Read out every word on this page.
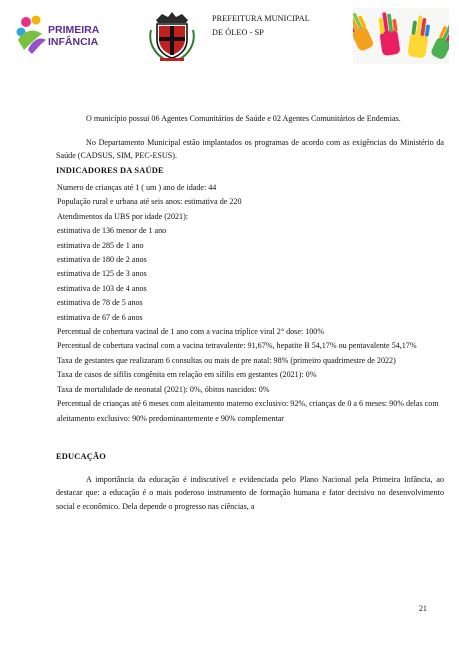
PRIMEIRA
INFÂNCIA
PREFEITURA MUNICIPAL
DE ÓLEO - SP

O município possui 06 Agentes Comunitários de Saúde e 02 Agentes Comunitários de Endemias.

No Departamento Municipal estão implantados os programas de acordo com as exigências do Ministério da Saúde (CADSUS, SIM, PEC-ESUS).

INDICADORES DA SAÚDE
Numero de crianças até 1 ( um ) ano de idade: 44
População rural e urbana até seis anos: estimativa de 220
Atendimentos da UBS por idade (2021):
estimativa de 136 menor de 1 ano
estimativa de 285 de 1 ano
estimativa de 180 de 2 anos
estimativa de 125 de 3 anos
estimativa de 103 de 4 anos
estimativa de 78 de 5 anos
estimativa de 67 de 6 anos
Percentual de cobertura vacinal de 1 ano com a vacina tríplice viral 2° dose: 100%
Percentual de cobertura vacinal com a vacina tetravalente: 91,67%, hepatite B 54,17% ou pentavalente 54,17%
Taxa de gestantes que realizaram 6 consultas ou mais de pre natal: 98% (primeiro quadrimestre de 2022)
Taxa de casos de sífilis congênita em relação em sífilis em gestantes (2021): 0%
Taxa de mortalidade de neonatal (2021): 0%, óbitos nascidos: 0%
Percentual de crianças até 6 meses com aleitamento materno exclusivo: 92%, crianças de 0 a 6 meses: 90% delas com aleitamento exclusivo: 90% predominantemente e 90% complementar
EDUCAÇÃO

A importância da educação é indiscutível e evidenciada pelo Plano Nacional pela Primeira Infância, ao destacar que: a educação é o mais poderoso instrumento de formação humana e fator decisivo no desenvolvimento social e econômico. Dela depende o progresso nas ciências, a

21
